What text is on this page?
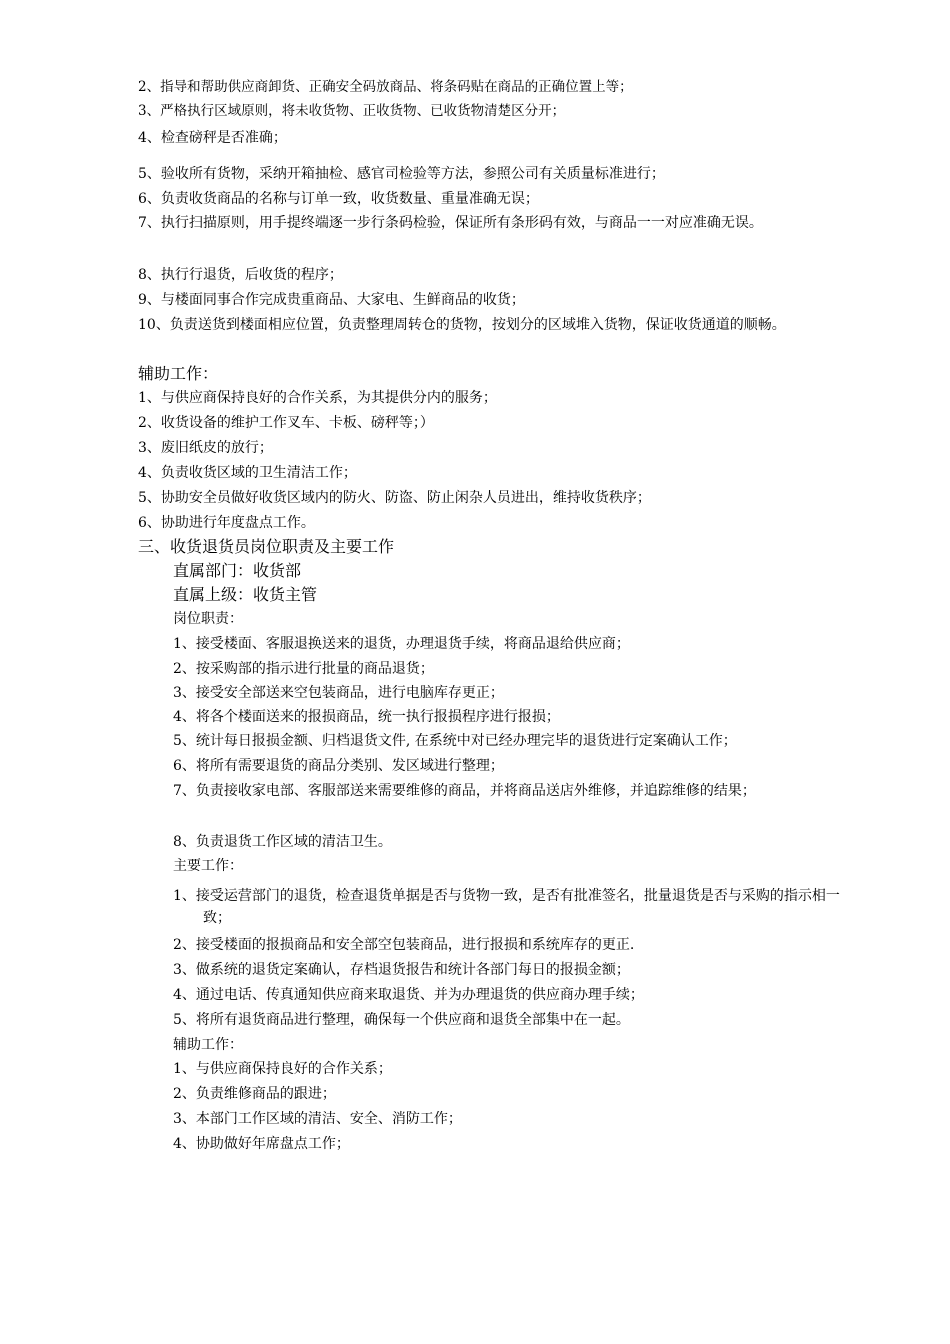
2、指导和帮助供应商卸货、正确安全码放商品、将条码贴在商品的正确位置上等；
3、严格执行区域原则，将未收货物、正收货物、已收货物清楚区分开；
4、检查磅秤是否准确；
5、验收所有货物，采纳开箱抽检、感官司检验等方法，参照公司有关质量标准进行；
6、负责收货商品的名称与订单一致，收货数量、重量准确无误；
7、执行扫描原则，用手提终端逐一步行条码检验，保证所有条形码有效，与商品一一对应准确无误。
8、执行行退货，后收货的程序；
9、与楼面同事合作完成贵重商品、大家电、生鲜商品的收货；
10、负责送货到楼面相应位置，负责整理周转仓的货物，按划分的区域堆入货物，保证收货通道的顺畅。
辅助工作：
1、与供应商保持良好的合作关系，为其提供分内的服务；
2、收货设备的维护工作叉车、卡板、磅秤等；）
3、废旧纸皮的放行；
4、负责收货区域的卫生清洁工作；
5、协助安全员做好收货区域内的防火、防盗、防止闲杂人员进出，维持收货秩序；
6、协助进行年度盘点工作。
三、收货退货员岗位职责及主要工作
直属部门：收货部
直属上级：收货主管
岗位职责：
1、接受楼面、客服退换送来的退货，办理退货手续，将商品退给供应商；
2、按采购部的指示进行批量的商品退货；
3、接受安全部送来空包装商品，进行电脑库存更正；
4、将各个楼面送来的报损商品，统一执行报损程序进行报损；
5、统计每日报损金额、归档退货文件, 在系统中对已经办理完毕的退货进行定案确认工作；
6、将所有需要退货的商品分类别、发区域进行整理；
7、负责接收家电部、客服部送来需要维修的商品，并将商品送店外维修，并追踪维修的结果；
8、负责退货工作区域的清洁卫生。
主要工作：
1、接受运营部门的退货，检查退货单据是否与货物一致，是否有批准签名，批量退货是否与采购的指示相一致；
2、接受楼面的报损商品和安全部空包装商品，进行报损和系统库存的更正.
3、做系统的退货定案确认，存档退货报告和统计各部门每日的报损金额；
4、通过电话、传真通知供应商来取退货、并为办理退货的供应商办理手续；
5、将所有退货商品进行整理，确保每一个供应商和退货全部集中在一起。
辅助工作：
1、与供应商保持良好的合作关系；
2、负责维修商品的跟进；
3、本部门工作区域的清洁、安全、消防工作；
4、协助做好年席盘点工作；
